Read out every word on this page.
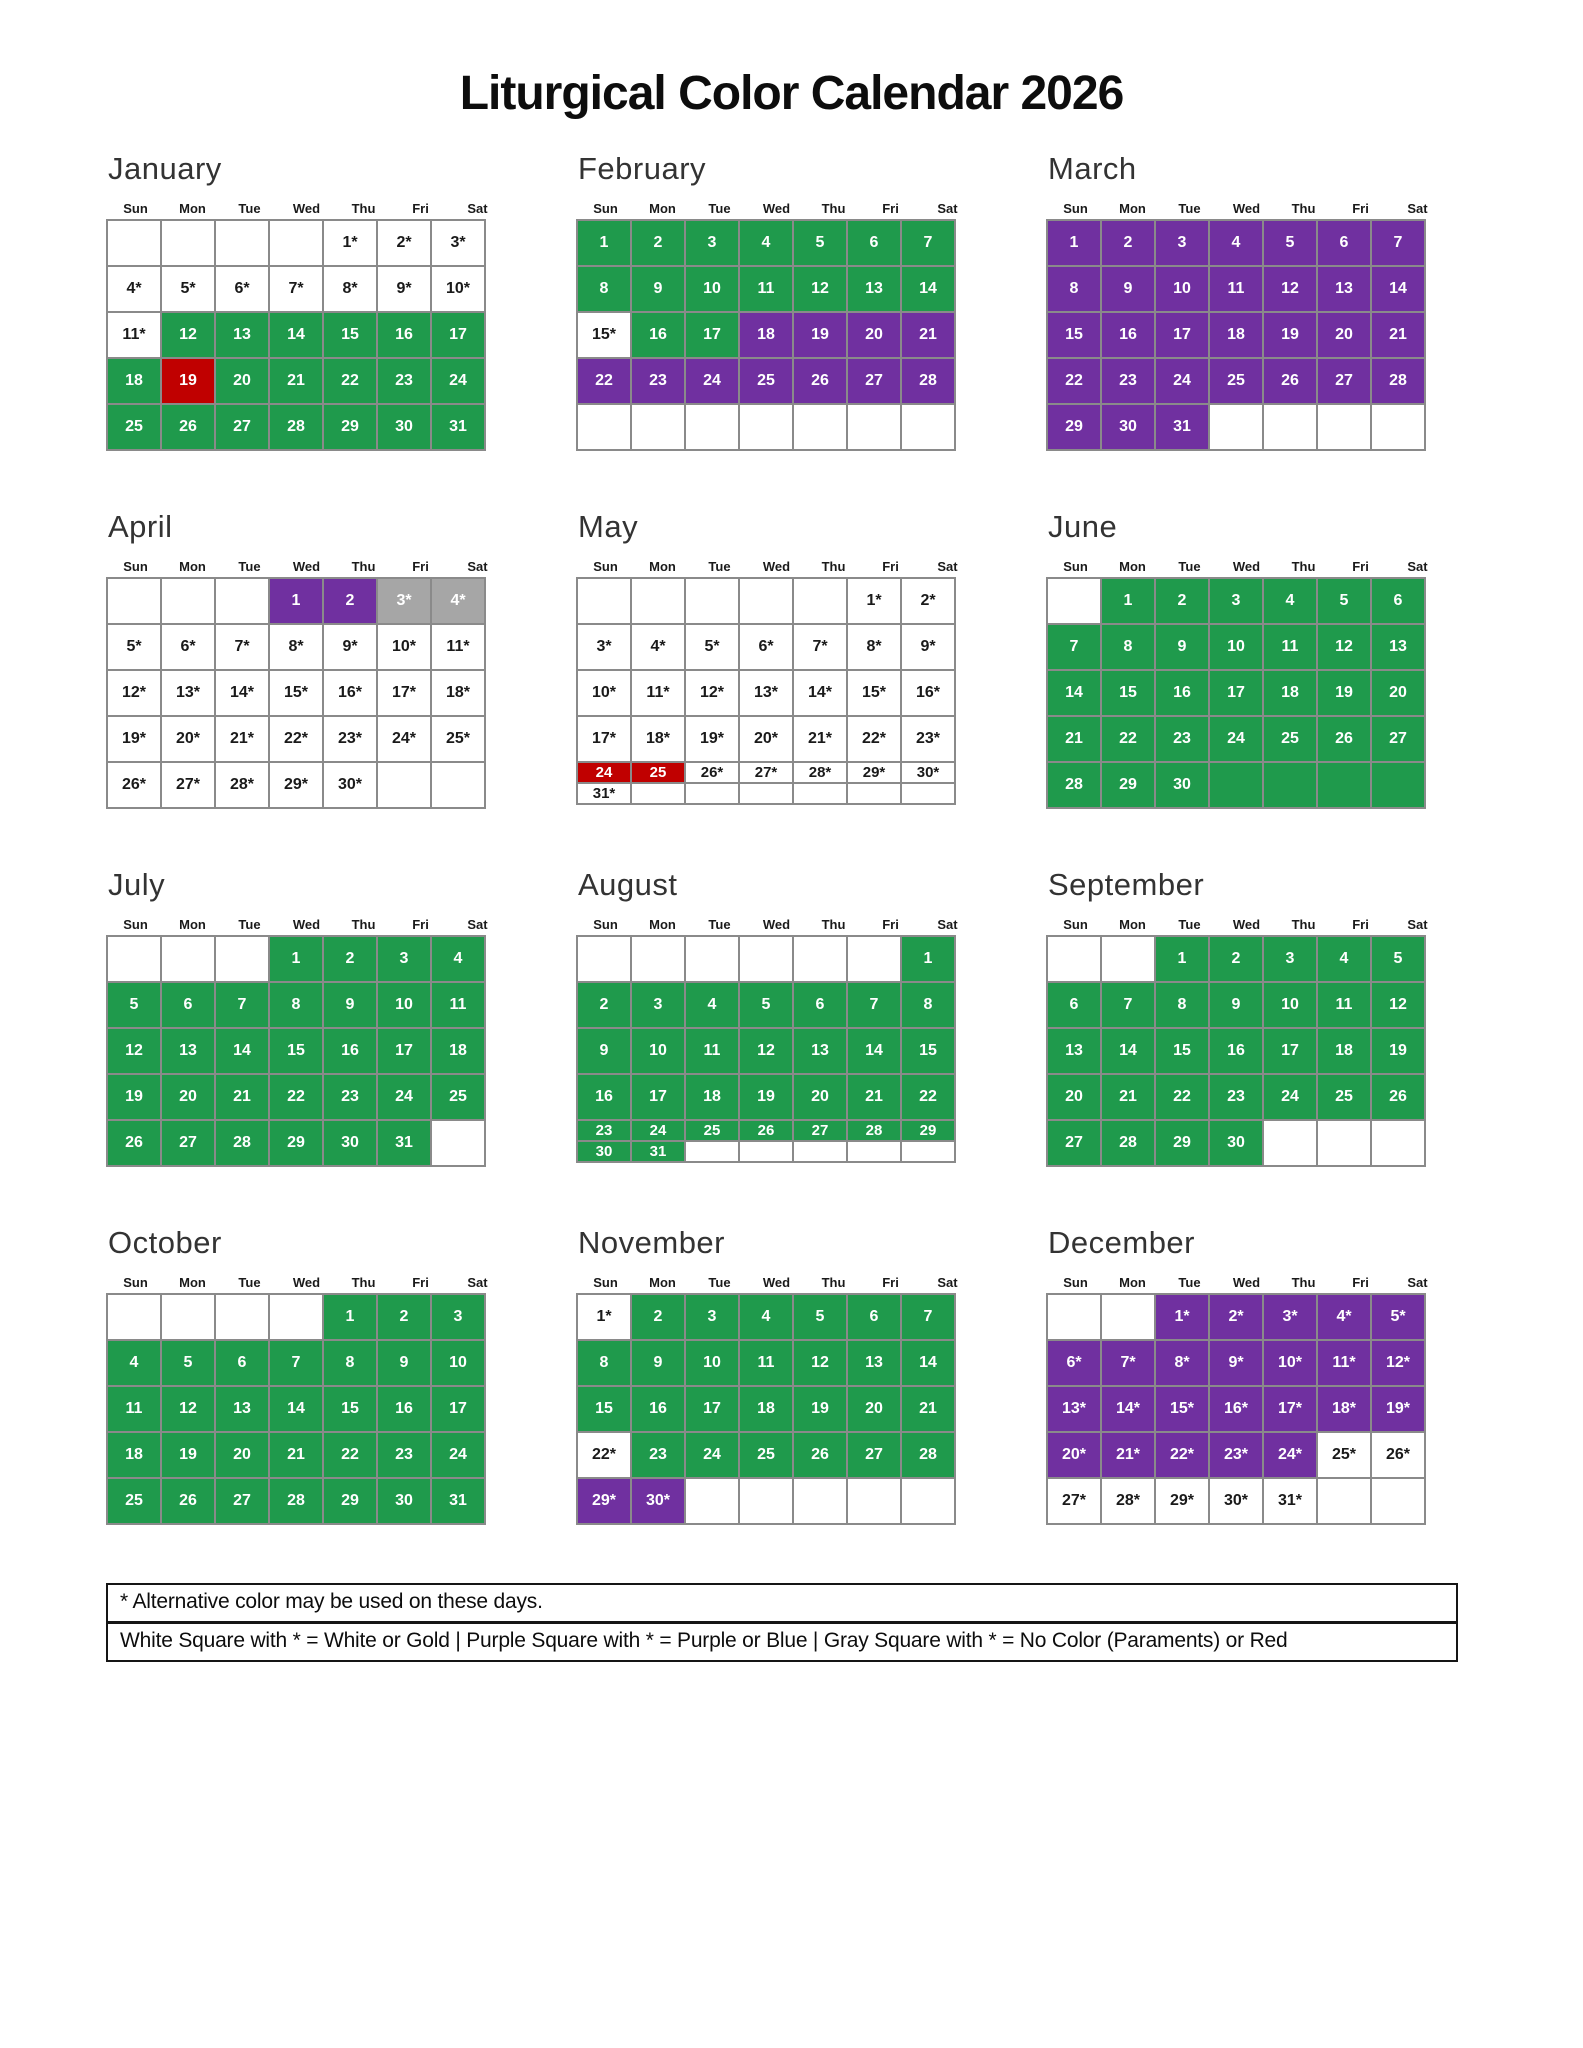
Liturgical Color Calendar 2026
January
Sun	Mon	Tue	Wed	Thu	Fri	Sat
				1*	2*	3*
4*	5*	6*	7*	8*	9*	10*
11*	12	13	14	15	16	17
18	19	20	21	22	23	24
25	26	27	28	29	30	31
February
Sun	Mon	Tue	Wed	Thu	Fri	Sat
1	2	3	4	5	6	7
8	9	10	11	12	13	14
15*	16	17	18	19	20	21
22	23	24	25	26	27	28

March
Sun	Mon	Tue	Wed	Thu	Fri	Sat
1	2	3	4	5	6	7
8	9	10	11	12	13	14
15	16	17	18	19	20	21
22	23	24	25	26	27	28
29	30	31				
April
Sun	Mon	Tue	Wed	Thu	Fri	Sat
			1	2	3*	4*
5*	6*	7*	8*	9*	10*	11*
12*	13*	14*	15*	16*	17*	18*
19*	20*	21*	22*	23*	24*	25*
26*	27*	28*	29*	30*		
May
Sun	Mon	Tue	Wed	Thu	Fri	Sat
					1*	2*
3*	4*	5*	6*	7*	8*	9*
10*	11*	12*	13*	14*	15*	16*
17*	18*	19*	20*	21*	22*	23*
24	25	26*	27*	28*	29*	30*
31*						
June
Sun	Mon	Tue	Wed	Thu	Fri	Sat
	1	2	3	4	5	6
7	8	9	10	11	12	13
14	15	16	17	18	19	20
21	22	23	24	25	26	27
28	29	30				
July
Sun	Mon	Tue	Wed	Thu	Fri	Sat
			1	2	3	4
5	6	7	8	9	10	11
12	13	14	15	16	17	18
19	20	21	22	23	24	25
26	27	28	29	30	31	
August
Sun	Mon	Tue	Wed	Thu	Fri	Sat
						1
2	3	4	5	6	7	8
9	10	11	12	13	14	15
16	17	18	19	20	21	22
23	24	25	26	27	28	29
30	31					
September
Sun	Mon	Tue	Wed	Thu	Fri	Sat
		1	2	3	4	5
6	7	8	9	10	11	12
13	14	15	16	17	18	19
20	21	22	23	24	25	26
27	28	29	30			
October
Sun	Mon	Tue	Wed	Thu	Fri	Sat
				1	2	3
4	5	6	7	8	9	10
11	12	13	14	15	16	17
18	19	20	21	22	23	24
25	26	27	28	29	30	31
November
Sun	Mon	Tue	Wed	Thu	Fri	Sat
1*	2	3	4	5	6	7
8	9	10	11	12	13	14
15	16	17	18	19	20	21
22*	23	24	25	26	27	28
29*	30*					
December
Sun	Mon	Tue	Wed	Thu	Fri	Sat
		1*	2*	3*	4*	5*
6*	7*	8*	9*	10*	11*	12*
13*	14*	15*	16*	17*	18*	19*
20*	21*	22*	23*	24*	25*	26*
27*	28*	29*	30*	31*		
* Alternative color may be used on these days.
White Square with * = White or Gold | Purple Square with * = Purple or Blue | Gray Square with * = No Color (Paraments) or Red
